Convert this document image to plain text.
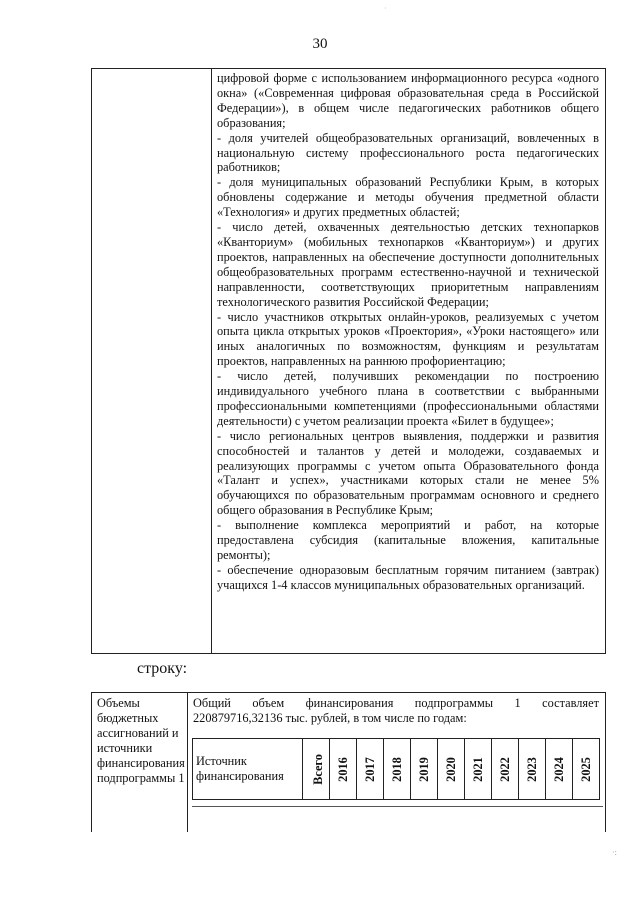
30
·

цифровой форме с использованием информационного ресурса «одного окна» («Современная цифровая образовательная среда в Российской Федерации»), в общем числе педагогических работников общего образования;

- доля учителей общеобразовательных организаций, вовлеченных в национальную систему профессионального роста педагогических работников;

- доля муниципальных образований Республики Крым, в которых обновлены содержание и методы обучения предметной области «Технология» и других предметных областей;

- число детей, охваченных деятельностью детских технопарков «Кванториум» (мобильных технопарков «Кванториум») и других проектов, направленных на обеспечение доступности дополнительных общеобразовательных программ естественно-научной и технической направленности, соответствующих приоритетным направлениям технологического развития Российской Федерации;

- число участников открытых онлайн-уроков, реализуемых с учетом опыта цикла открытых уроков «Проектория», «Уроки настоящего» или иных аналогичных по возможностям, функциям и результатам проектов, направленных на раннюю профориентацию;

- число детей, получивших рекомендации по построению индивидуального учебного плана в соответствии с выбранными профессиональными компетенциями (профессиональными областями деятельности) с учетом реализации проекта «Билет в будущее»;

- число региональных центров выявления, поддержки и развития способностей и талантов у детей и молодежи, создаваемых и реализующих программы с учетом опыта Образовательного фонда «Талант и успех», участниками которых стали не менее 5% обучающихся по образовательным программам основного и среднего общего образования в Республике Крым;

- выполнение комплекса мероприятий и работ, на которые предоставлена субсидия (капитальные вложения, капитальные ремонты);

- обеспечение одноразовым бесплатным горячим питанием (завтрак) учащихся 1-4 классов муниципальных образовательных организаций.

строку:
Объемы бюджетных ассигнований и источники финансирования подпрограммы 1
Общий объем финансирования подпрограммы 1 составляет 220879716,32136 тыс. рублей, в том числе по годам:
Источник финансирования	Всего	2016	2017	2018	2019	2020	2021	2022	2023	2024	2025
·:
